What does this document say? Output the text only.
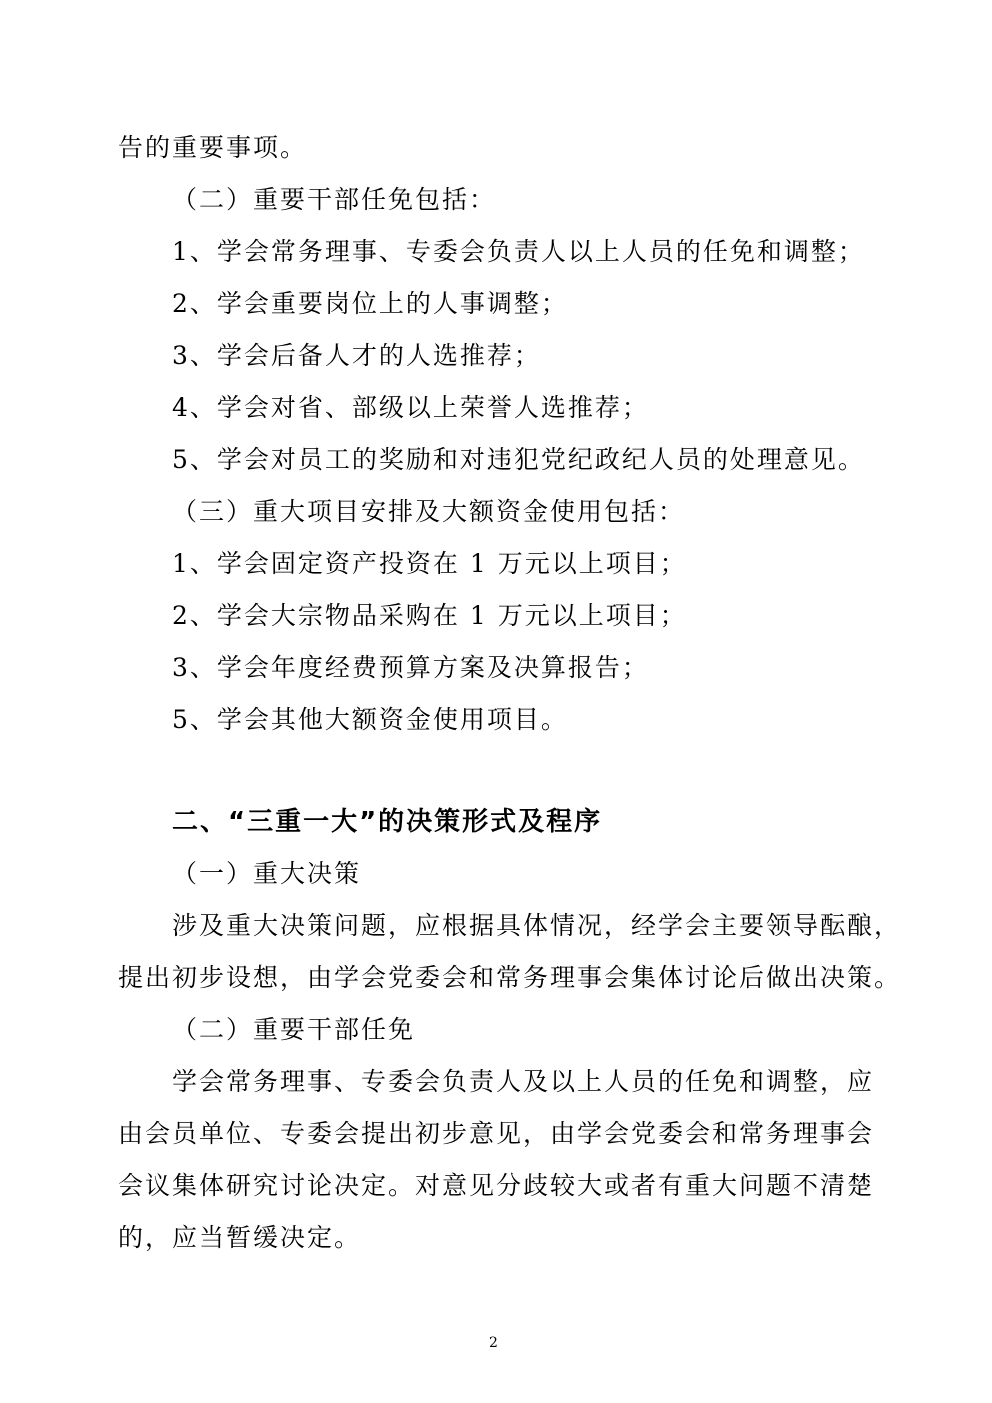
告的重要事项。
（二）重要干部任免包括：
1、学会常务理事、专委会负责人以上人员的任免和调整；
2、学会重要岗位上的人事调整；
3、学会后备人才的人选推荐；
4、学会对省、部级以上荣誉人选推荐；
5、学会对员工的奖励和对违犯党纪政纪人员的处理意见。
（三）重大项目安排及大额资金使用包括：
1、学会固定资产投资在 1 万元以上项目；
2、学会大宗物品采购在 1 万元以上项目；
3、学会年度经费预算方案及决算报告；
5、学会其他大额资金使用项目。
二、“三重一大”的决策形式及程序
（一）重大决策
涉及重大决策问题，应根据具体情况，经学会主要领导酝酿，
提出初步设想，由学会党委会和常务理事会集体讨论后做出决策。
（二）重要干部任免
学会常务理事、专委会负责人及以上人员的任免和调整，应
由会员单位、专委会提出初步意见，由学会党委会和常务理事会
会议集体研究讨论决定。对意见分歧较大或者有重大问题不清楚
的，应当暂缓决定。
2
